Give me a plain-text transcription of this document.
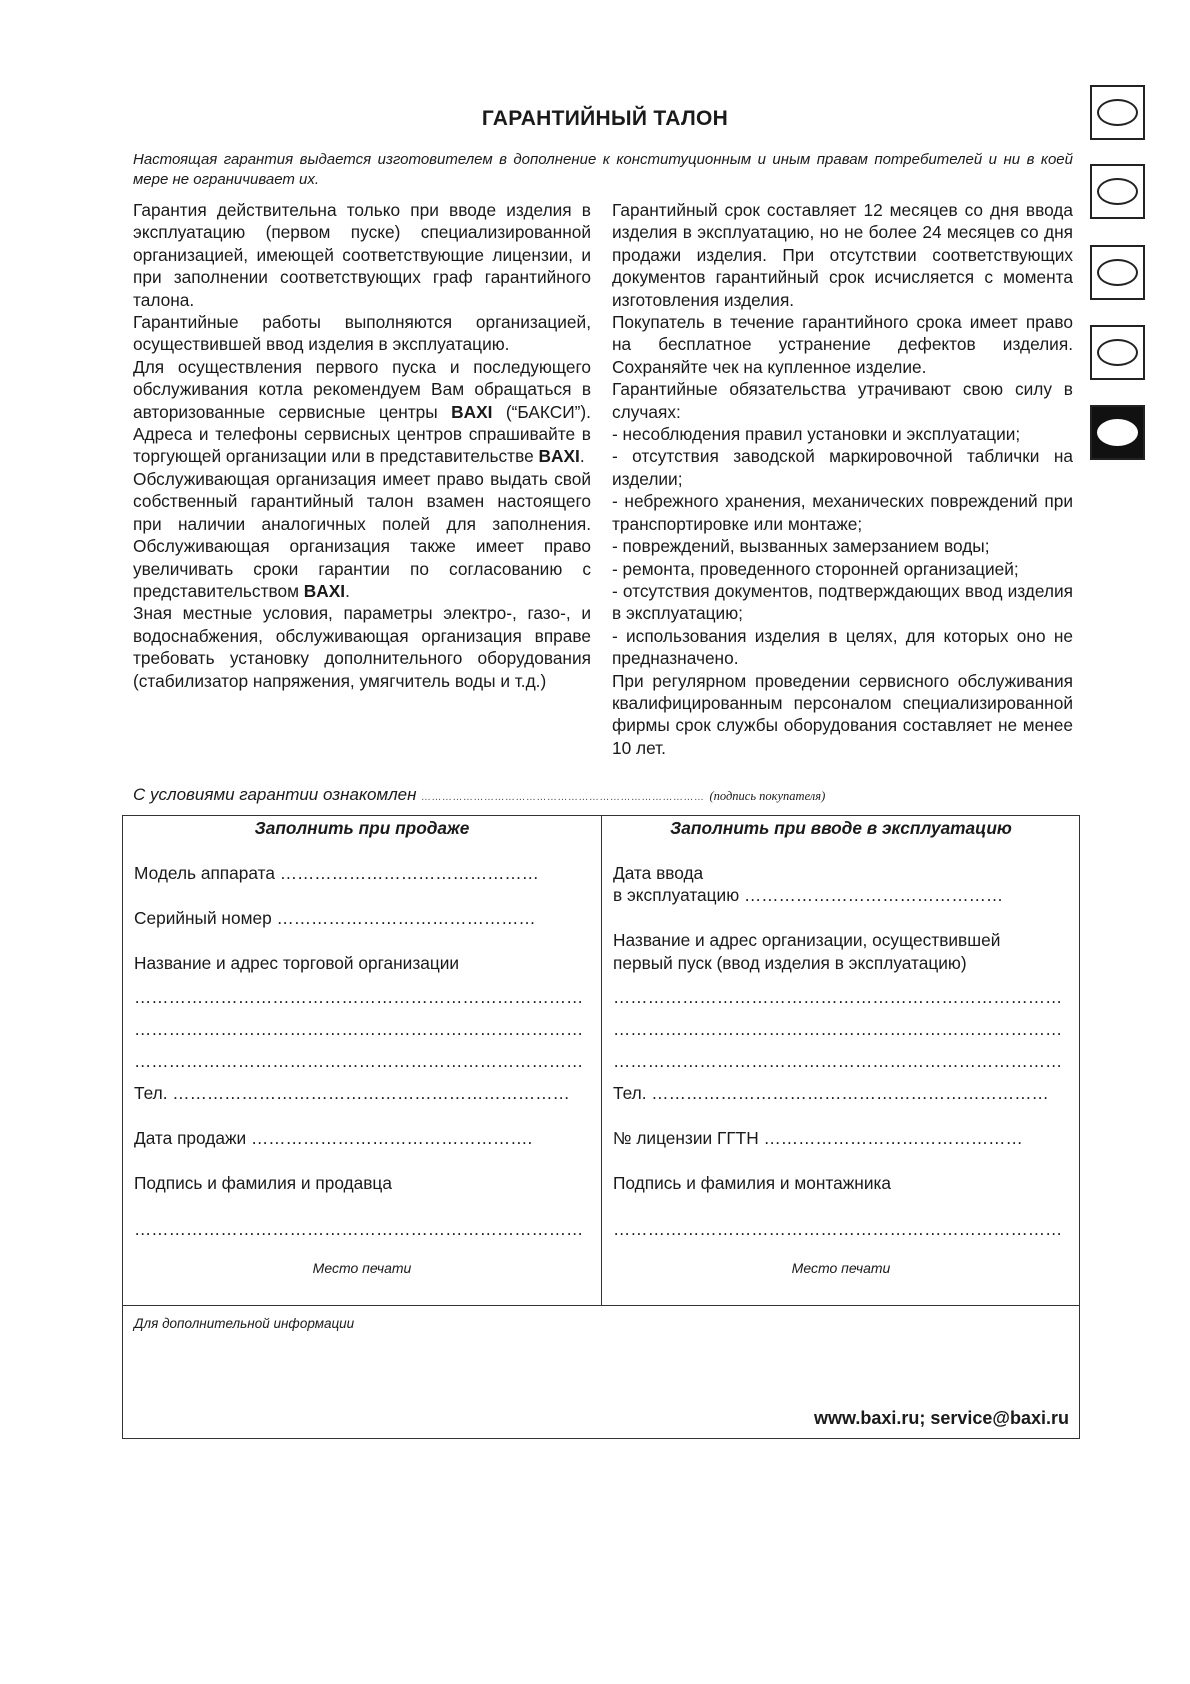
ГАРАНТИЙНЫЙ ТАЛОН
Настоящая гарантия выдается изготовителем в дополнение к конституционным и иным правам потребителей и ни в коей мере не ограничивает их.

Гарантия действительна только при вводе изделия в эксплуатацию (первом пуске) специализированной организацией, имеющей соответствующие лицензии, и при заполнении соответствующих граф гарантийного талона.

Гарантийные работы выполняются организацией, осуществившей ввод изделия в эксплуатацию.

Для осуществления первого пуска и последующего обслуживания котла рекомендуем Вам обращаться в авторизованные сервисные центры BAXI (“БАКСИ”). Адреса и телефоны сервисных центров спрашивайте в торгующей организации или в представительстве BAXI.

Обслуживающая организация имеет право выдать свой собственный гарантийный талон взамен настоящего при наличии аналогичных полей для заполнения. Обслуживающая организация также имеет право увеличивать сроки гарантии по согласованию с представительством BAXI.

Зная местные условия, параметры электро-, газо-, и водоснабжения, обслуживающая организация вправе требовать установку дополнительного оборудования (стабилизатор напряжения, умягчитель воды и т.д.)

Гарантийный срок составляет 12 месяцев со дня ввода изделия в эксплуатацию, но не более 24 месяцев со дня продажи изделия. При отсутствии соответствующих документов гарантийный срок исчисляется с момента изготовления изделия.

Покупатель в течение гарантийного срока имеет право на бесплатное устранение дефектов изделия. Сохраняйте чек на купленное изделие.

Гарантийные обязательства утрачивают свою силу в случаях:

- несоблюдения правил установки и эксплуатации;

- отсутствия заводской маркировочной таблички на изделии;

- небрежного хранения, механических повреждений при транспортировке или монтаже;

- повреждений, вызванных замерзанием воды;

- ремонта, проведенного сторонней организацией;

- отсутствия документов, подтверждающих ввод изделия в эксплуатацию;

- использования изделия в целях, для которых оно не предназначено.

При регулярном проведении сервисного обслуживания квалифицированным персоналом специализированной фирмы срок службы оборудования составляет не менее 10 лет.

С условиями гарантии ознакомлен ……………………………………………………………………… (подпись покупателя)
Заполнить при продаже
Модель аппарата ………………………………………
Серийный номер ………………………………………
Название и адрес торговой организации
……………………………………………………………………
……………………………………………………………………
……………………………………………………………………
Тел. ……………………………………………………………
Дата продажи ………………………………………….
Подпись и фамилия и продавца
……………………………………………………………………
Место печати
Заполнить при вводе в эксплуатацию
Дата ввода
в эксплуатацию ………………………………………
Название и адрес организации, осуществившей
первый пуск (ввод изделия в эксплуатацию)
……………………………………………………………………
……………………………………………………………………
……………………………………………………………………
Тел. ……………………………………………………………
№ лицензии ГГТН ………………………………………
Подпись и фамилия и монтажника
……………………………………………………………………
Место печати
Для дополнительной информации
www.baxi.ru; service@baxi.ru
